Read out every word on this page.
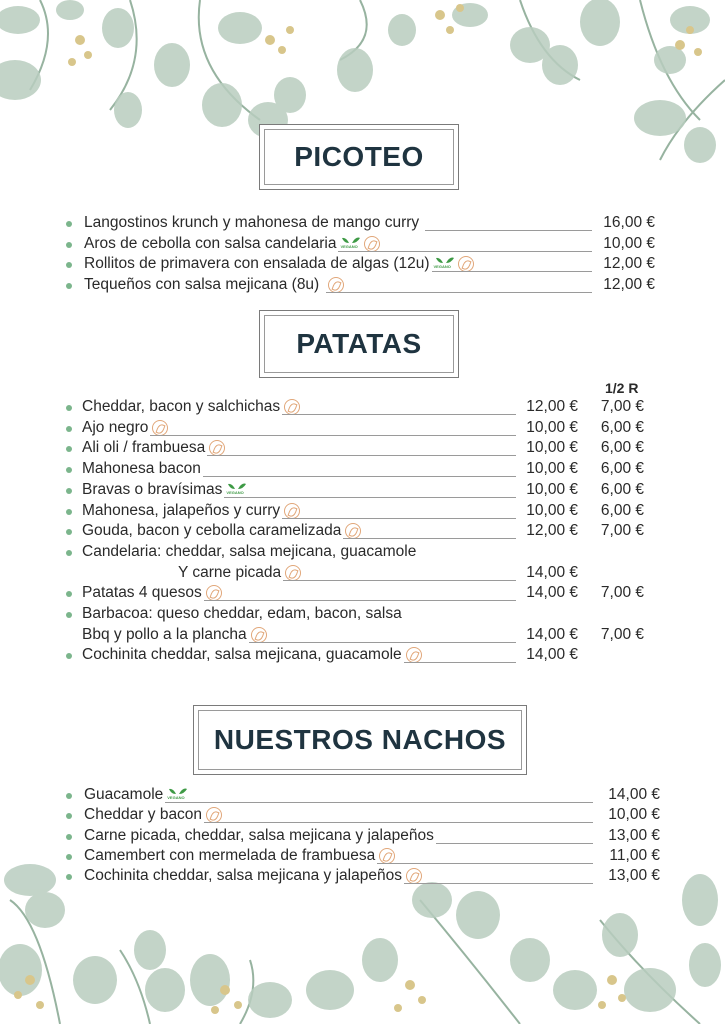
PICOTEO
Langostinos krunch y mahonesa de mango curry	16,00 €
Aros de cebolla con salsa candelaria VEGANO	10,00 €
Rollitos de primavera con ensalada de algas (12u) VEGANO	12,00 €
Tequeños con salsa mejicana (8u)	12,00 €
PATATAS
1/2 R
Cheddar, bacon y salchichas	12,00 € 7,00 €
Ajo negro	10,00 € 6,00 €
Ali oli / frambuesa	10,00 € 6,00 €
Mahonesa bacon	10,00 € 6,00 €
Bravas o bravísimas VEGANO	10,00 € 6,00 €
Mahonesa, jalapeños y curry	10,00 € 6,00 €
Gouda, bacon y cebolla caramelizada	12,00 € 7,00 €
Candelaria: cheddar, salsa mejicana, guacamole
Y carne picada	14,00 €
Patatas 4 quesos	14,00 € 7,00 €
Barbacoa: queso cheddar, edam, bacon, salsa
Bbq y pollo a la plancha	14,00 € 7,00 €
Cochinita cheddar, salsa mejicana, guacamole	14,00 €
NUESTROS NACHOS
Guacamole VEGANO	14,00 €
Cheddar y bacon	10,00 €
Carne picada, cheddar, salsa mejicana y jalapeños	13,00 €
Camembert con mermelada de frambuesa	11,00 €
Cochinita cheddar, salsa mejicana y jalapeños	13,00 €
